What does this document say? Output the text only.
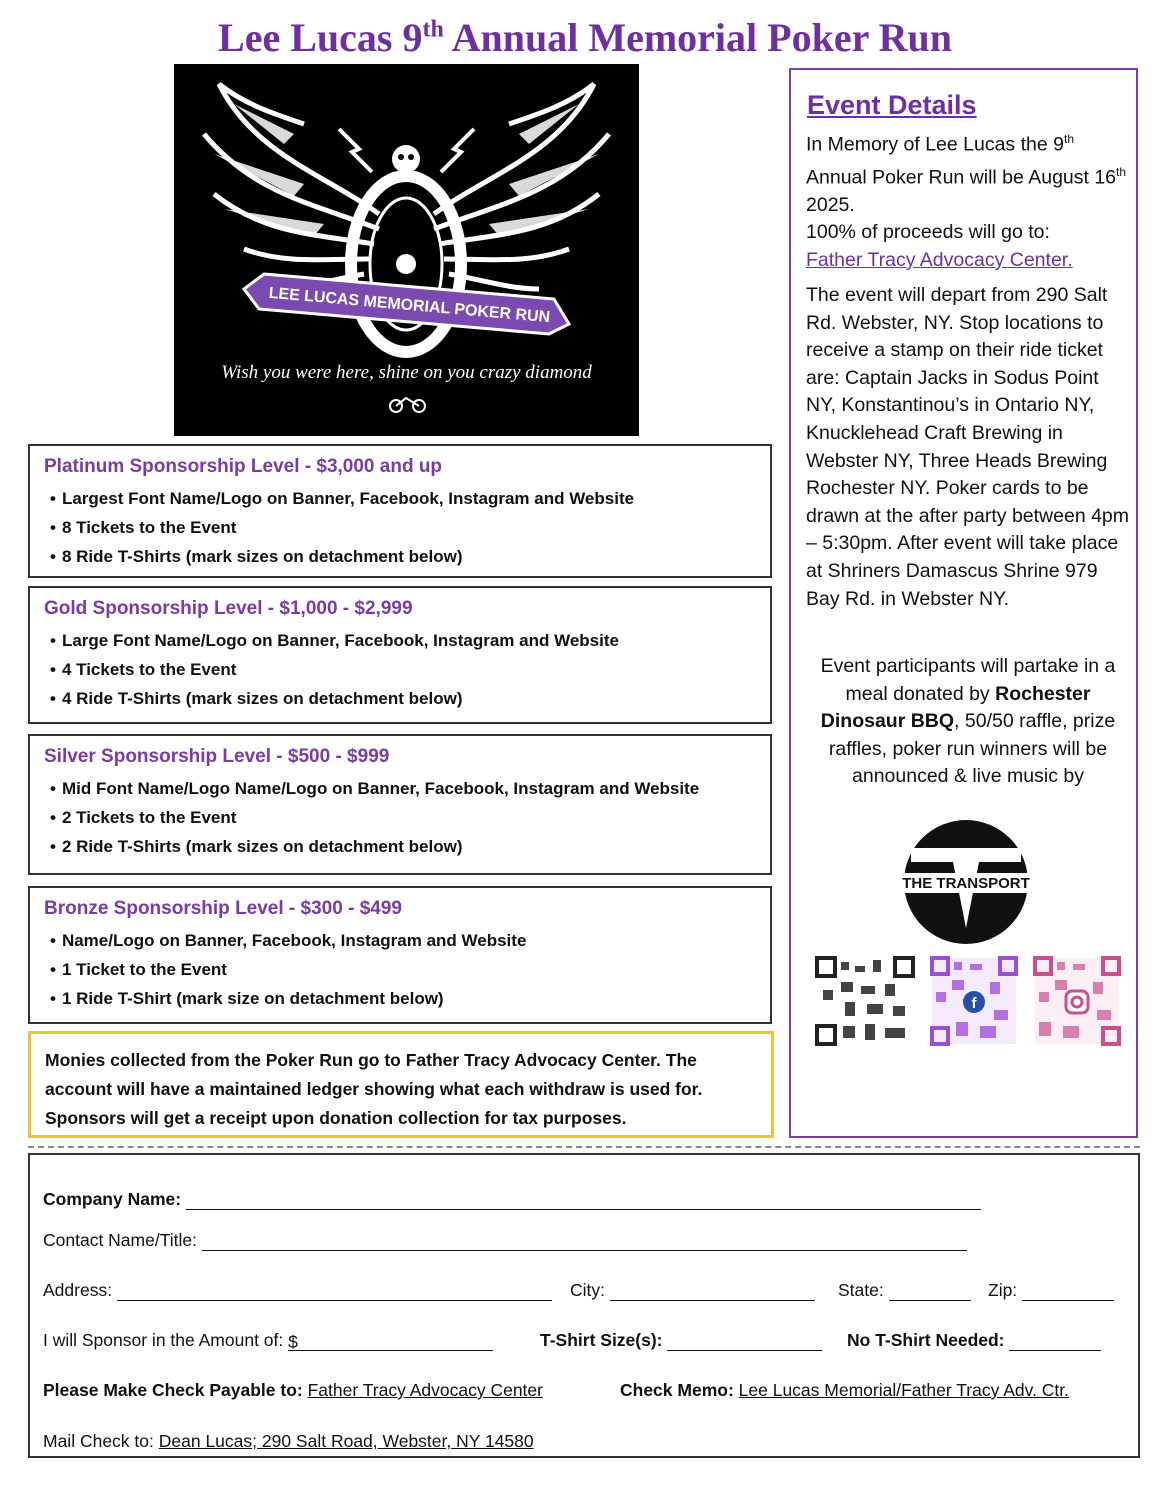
Lee Lucas 9th Annual Memorial Poker Run
LEE LUCAS MEMORIAL POKER RUN
Wish you were here, shine on you crazy diamond
Platinum Sponsorship Level - $3,000 and up
• Largest Font Name/Logo on Banner, Facebook, Instagram and Website
• 8 Tickets to the Event
• 8 Ride T-Shirts (mark sizes on detachment below)
Gold Sponsorship Level - $1,000 - $2,999
• Large Font Name/Logo on Banner, Facebook, Instagram and Website
• 4 Tickets to the Event
• 4 Ride T-Shirts (mark sizes on detachment below)
Silver Sponsorship Level - $500 - $999
• Mid Font Name/Logo Name/Logo on Banner, Facebook, Instagram and Website
• 2 Tickets to the Event
• 2 Ride T-Shirts (mark sizes on detachment below)
Bronze Sponsorship Level - $300 - $499
• Name/Logo on Banner, Facebook, Instagram and Website
• 1 Ticket to the Event
• 1 Ride T-Shirt (mark size on detachment below)
Monies collected from the Poker Run go to Father Tracy Advocacy Center. The account will have a maintained ledger showing what each withdraw is used for. Sponsors will get a receipt upon donation collection for tax purposes.
Event Details
In Memory of Lee Lucas the 9th Annual Poker Run will be August 16th 2025.
100% of proceeds will go to:
Father Tracy Advocacy Center.
The event will depart from 290 Salt Rd. Webster, NY. Stop locations to receive a stamp on their ride ticket are: Captain Jacks in Sodus Point NY, Konstantinou’s in Ontario NY, Knucklehead Craft Brewing in Webster NY, Three Heads Brewing Rochester NY. Poker cards to be drawn at the after party between 4pm – 5:30pm. After event will take place at Shriners Damascus Shrine 979 Bay Rd. in Webster NY.
Event participants will partake in a meal donated by Rochester Dinosaur BBQ, 50/50 raffle, prize raffles, poker run winners will be announced & live music by
THE TRANSPORT
f
Company Name:
Contact Name/Title:
Address:	City:	State:	Zip:
I will Sponsor in the Amount of: $	T-Shirt Size(s):	No T-Shirt Needed:
Please Make Check Payable to: Father Tracy Advocacy Center	Check Memo: Lee Lucas Memorial/Father Tracy Adv. Ctr.
Mail Check to: Dean Lucas; 290 Salt Road, Webster, NY 14580
